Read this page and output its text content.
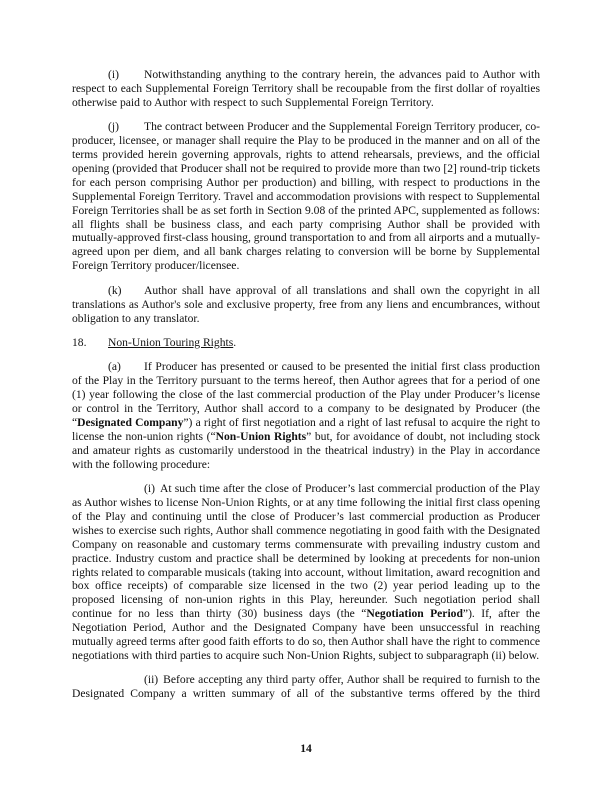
(i) Notwithstanding anything to the contrary herein, the advances paid to Author with respect to each Supplemental Foreign Territory shall be recoupable from the first dollar of royalties otherwise paid to Author with respect to such Supplemental Foreign Territory.

(j) The contract between Producer and the Supplemental Foreign Territory producer, co-producer, licensee, or manager shall require the Play to be produced in the manner and on all of the terms provided herein governing approvals, rights to attend rehearsals, previews, and the official opening (provided that Producer shall not be required to provide more than two [2] round-trip tickets for each person comprising Author per production) and billing, with respect to productions in the Supplemental Foreign Territory. Travel and accommodation provisions with respect to Supplemental Foreign Territories shall be as set forth in Section 9.08 of the printed APC, supplemented as follows: all flights shall be business class, and each party comprising Author shall be provided with mutually-approved first-class housing, ground transportation to and from all airports and a mutually-agreed upon per diem, and all bank charges relating to conversion will be borne by Supplemental Foreign Territory producer/licensee.

(k) Author shall have approval of all translations and shall own the copyright in all translations as Author's sole and exclusive property, free from any liens and encumbrances, without obligation to any translator.

18. Non-Union Touring Rights.

(a) If Producer has presented or caused to be presented the initial first class production of the Play in the Territory pursuant to the terms hereof, then Author agrees that for a period of one (1) year following the close of the last commercial production of the Play under Producer’s license or control in the Territory, Author shall accord to a company to be designated by Producer (the “Designated Company”) a right of first negotiation and a right of last refusal to acquire the right to license the non-union rights (“Non-Union Rights” but, for avoidance of doubt, not including stock and amateur rights as customarily understood in the theatrical industry) in the Play in accordance with the following procedure:

(i) At such time after the close of Producer’s last commercial production of the Play as Author wishes to license Non-Union Rights, or at any time following the initial first class opening of the Play and continuing until the close of Producer’s last commercial production as Producer wishes to exercise such rights, Author shall commence negotiating in good faith with the Designated Company on reasonable and customary terms commensurate with prevailing industry custom and practice. Industry custom and practice shall be determined by looking at precedents for non-union rights related to comparable musicals (taking into account, without limitation, award recognition and box office receipts) of comparable size licensed in the two (2) year period leading up to the proposed licensing of non-union rights in this Play, hereunder. Such negotiation period shall continue for no less than thirty (30) business days (the “Negotiation Period”). If, after the Negotiation Period, Author and the Designated Company have been unsuccessful in reaching mutually agreed terms after good faith efforts to do so, then Author shall have the right to commence negotiations with third parties to acquire such Non-Union Rights, subject to subparagraph (ii) below.

(ii) Before accepting any third party offer, Author shall be required to furnish to the Designated Company a written summary of all of the substantive terms offered by the third

14
